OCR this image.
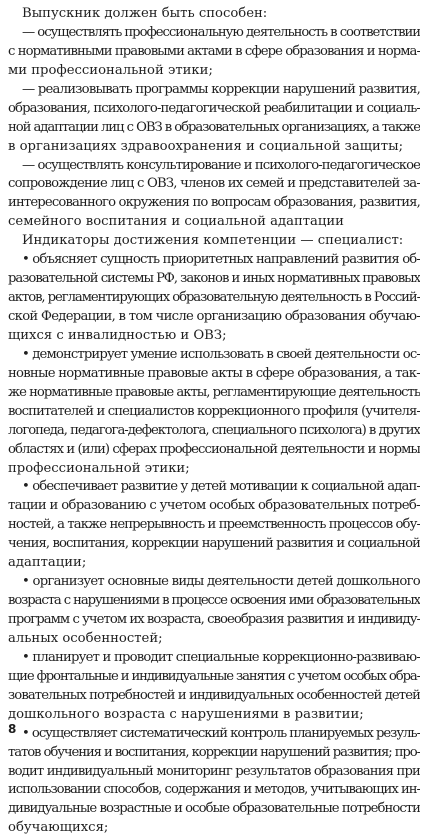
Выпускник должен быть способен:
— осуществлять профессиональную деятельность в соответствии
с нормативными правовыми актами в сфере образования и норма-
ми профессиональной этики;
— реализовывать программы коррекции нарушений развития,
образования, психолого-педагогической реабилитации и социаль-
ной адаптации лиц с ОВЗ в образовательных организациях, а также
в организациях здравоохранения и социальной защиты;
— осуществлять консультирование и психолого-педагогическое
сопровождение лиц с ОВЗ, членов их семей и представителей за-
интересованного окружения по вопросам образования, развития,
семейного воспитания и социальной адаптации
Индикаторы достижения компетенции — специалист:
• объясняет сущность приоритетных направлений развития об-
разовательной системы РФ, законов и иных нормативных правовых
актов, регламентирующих образовательную деятельность в Россий-
ской Федерации, в том числе организацию образования обучаю-
щихся с инвалидностью и ОВЗ;
• демонстрирует умение использовать в своей деятельности ос-
новные нормативные правовые акты в сфере образования, а так-
же нормативные правовые акты, регламентирующие деятельность
воспитателей и специалистов коррекционного профиля (учителя-
логопеда, педагога-дефектолога, специального психолога) в других
областях и (или) сферах профессиональной деятельности и нормы
профессиональной этики;
• обеспечивает развитие у детей мотивации к социальной адап-
тации и образованию с учетом особых образовательных потреб-
ностей, а также непрерывность и преемственность процессов обу-
чения, воспитания, коррекции нарушений развития и социальной
адаптации;
• организует основные виды деятельности детей дошкольного
возраста с нарушениями в процессе освоения ими образовательных
программ с учетом их возраста, своеобразия развития и индивиду-
альных особенностей;
• планирует и проводит специальные коррекционно-развиваю-
щие фронтальные и индивидуальные занятия с учетом особых обра-
зовательных потребностей и индивидуальных особенностей детей
дошкольного возраста с нарушениями в развитии;
• осуществляет систематический контроль планируемых резуль-
татов обучения и воспитания, коррекции нарушений развития; про-
водит индивидуальный мониторинг результатов образования при
использовании способов, содержания и методов, учитывающих ин-
дивидуальные возрастные и особые образовательные потребности
обучающихся;
8
